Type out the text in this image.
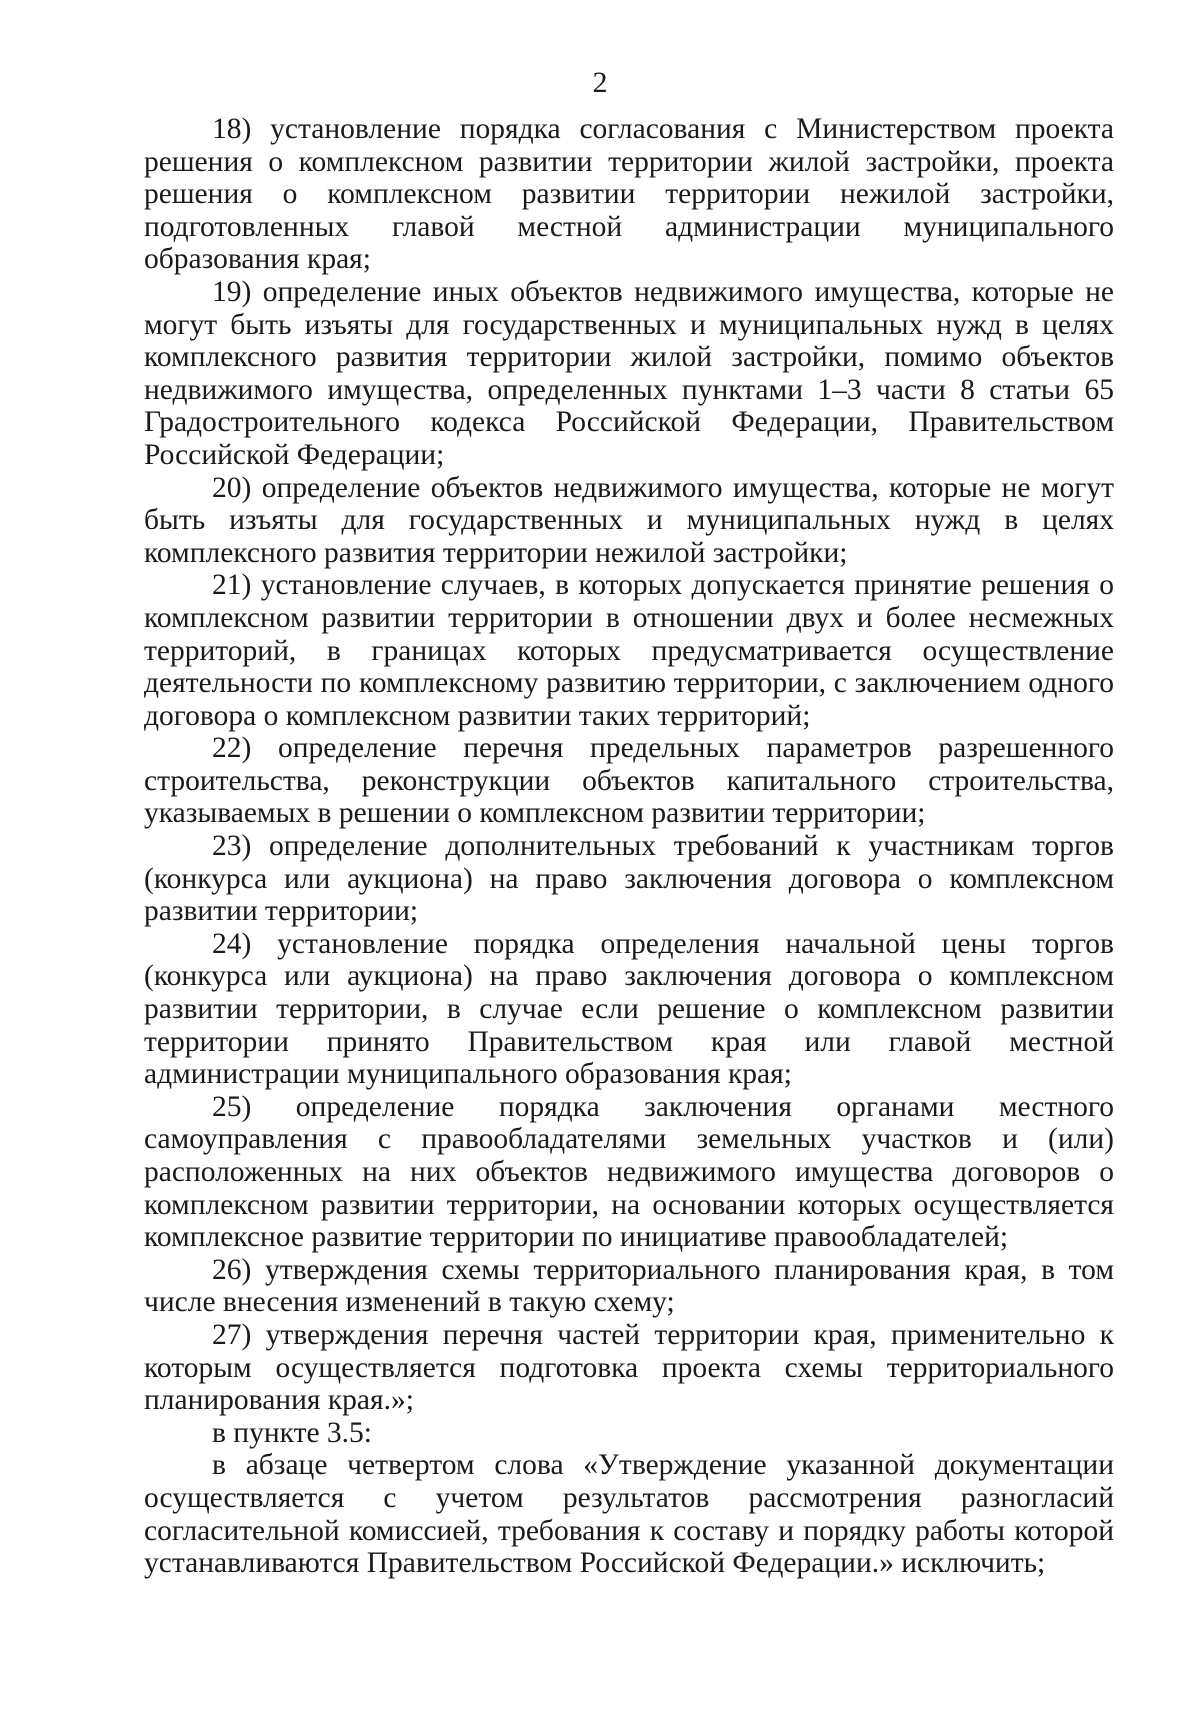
2

18) установление порядка согласования с Министерством проекта решения о комплексном развитии территории жилой застройки, проекта решения о комплексном развитии территории нежилой застройки, подготовленных главой местной администрации муниципального образования края;

19) определение иных объектов недвижимого имущества, которые не могут быть изъяты для государственных и муниципальных нужд в целях комплексного развития территории жилой застройки, помимо объектов недвижимого имущества, определенных пунктами 1–3 части 8 статьи 65 Градостроительного кодекса Российской Федерации, Правительством Российской Федерации;

20) определение объектов недвижимого имущества, которые не могут быть изъяты для государственных и муниципальных нужд в целях комплексного развития территории нежилой застройки;

21) установление случаев, в которых допускается принятие решения о комплексном развитии территории в отношении двух и более несмежных территорий, в границах которых предусматривается осуществление деятельности по комплексному развитию территории, с заключением одного договора о комплексном развитии таких территорий;

22) определение перечня предельных параметров разрешенного строительства, реконструкции объектов капитального строительства, указываемых в решении о комплексном развитии территории;

23) определение дополнительных требований к участникам торгов (конкурса или аукциона) на право заключения договора о комплексном развитии территории;

24) установление порядка определения начальной цены торгов (конкурса или аукциона) на право заключения договора о комплексном развитии территории, в случае если решение о комплексном развитии территории принято Правительством края или главой местной администрации муниципального образования края;

25) определение порядка заключения органами местного самоуправления с правообладателями земельных участков и (или) расположенных на них объектов недвижимого имущества договоров о комплексном развитии территории, на основании которых осуществляется комплексное развитие территории по инициативе правообладателей;

26) утверждения схемы территориального планирования края, в том числе внесения изменений в такую схему;

27) утверждения перечня частей территории края, применительно к которым осуществляется подготовка проекта схемы территориального планирования края.»;

в пункте 3.5:

в абзаце четвертом слова «Утверждение указанной документации осуществляется с учетом результатов рассмотрения разногласий согласительной комиссией, требования к составу и порядку работы которой устанавливаются Правительством Российской Федерации.» исключить;
